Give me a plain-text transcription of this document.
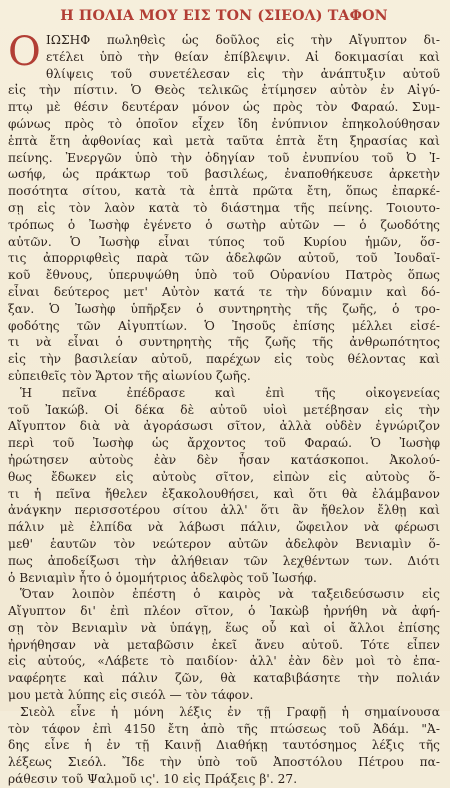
Η ΠΟΛΙΑ ΜΟΥ ΕΙΣ ΤΟΝ (ΣΙΕΟΛ) ΤΑΦΟΝ
Ο ΙΩΣΗΦ πωληθεὶς ὡς δοῦλος εἰς τὴν Αἴγυπτον δι-
ετέλει ὑπὸ τὴν θείαν ἐπίβλεψιν. Αἱ δοκιμασίαι καὶ
θλίψεις τοῦ συνετέλεσαν εἰς τὴν ἀνάπτυξιν αὐτοῦ
εἰς τὴν πίστιν. Ὁ Θεὸς τελικῶς ἐτίμησεν αὐτὸν ἐν Αἰγύ-
πτῳ μὲ θέσιν δευτέραν μόνον ὡς πρὸς τὸν Φαραώ. Συμ-
φώνως πρὸς τὸ ὁποῖον εἶχεν ἴδη ἐνύπνιον ἐπηκολούθησαν
ἑπτὰ ἔτη ἀφθονίας καὶ μετὰ ταῦτα ἑπτὰ ἔτη ξηρασίας καὶ
πείνης. Ἐνεργῶν ὑπὸ τὴν ὁδηγίαν τοῦ ἐνυπνίου τοῦ Ὀ Ἰ-
ωσήφ, ὡς πράκτωρ τοῦ βασιλέως, ἐναποθήκευσε ἀρκετὴν
ποσότητα σίτου, κατὰ τὰ ἑπτὰ πρῶτα ἔτη, ὅπως ἐπαρκέ-
σῃ εἰς τὸν λαὸν κατὰ τὸ διάστημα τῆς πείνης. Τοιουτο-
τρόπως ὁ Ἰωσὴφ ἐγένετο ὁ σωτὴρ αὐτῶν — ὁ ζωοδότης
αὐτῶν. Ὁ Ἰωσὴφ εἶναι τύπος τοῦ Κυρίου ἡμῶν, ὅσ-
τις ἀπορριφθεὶς παρὰ τῶν ἀδελφῶν αὐτοῦ, τοῦ Ἰουδαϊ-
κοῦ ἔθνους, ὑπερυψώθη ὑπὸ τοῦ Οὐρανίου Πατρὸς ὅπως
εἶναι δεύτερος μετ' Αὐτὸν κατά τε τὴν δύναμιν καὶ δό-
ξαν. Ὁ Ἰωσὴφ ὑπῆρξεν ὁ συντηρητὴς τῆς ζωῆς, ὁ τρο-
φοδότης τῶν Αἰγυπτίων. Ὁ Ἰησοῦς ἐπίσης μέλλει εἰσέ-
τι νὰ εἶναι ὁ συντηρητὴς τῆς ζωῆς τῆς ἀνθρωπότητος
εἰς τὴν βασιλείαν αὐτοῦ, παρέχων εἰς τοὺς θέλοντας καὶ
εὐπειθεῖς τὸν Ἄρτον τῆς αἰωνίου ζωῆς.
Ἡ πεῖνα ἐπέδρασε καὶ ἐπὶ τῆς οἰκογενείας
τοῦ Ἰακώβ. Οἱ δέκα δὲ αὐτοῦ υἱοὶ μετέβησαν εἰς τὴν
Αἴγυπτον διὰ νὰ ἀγοράσωσι σῖτον, ἀλλὰ οὐδὲν ἐγνώριζον
περὶ τοῦ Ἰωσὴφ ὡς ἄρχοντος τοῦ Φαραώ. Ὁ Ἰωσὴφ
ἠρώτησεν αὐτοὺς ἐὰν δὲν ἦσαν κατάσκοποι. Ἀκολού-
θως ἔδωκεν εἰς αὐτοὺς σῖτον, εἰπὼν εἰς αὐτοὺς ὅ-
τι ἡ πεῖνα ἤθελεν ἐξακολουθήσει, καὶ ὅτι θὰ ἐλάμβανον
ἀνάγκην περισσοτέρου σίτου ἀλλ' ὅτι ἂν ἤθελον ἔλθῃ καὶ
πάλιν μὲ ἐλπίδα νὰ λάβωσι πάλιν, ὤφειλον νὰ φέρωσι
μεθ' ἑαυτῶν τὸν νεώτερον αὐτῶν ἀδελφὸν Βενιαμὶν ὅ-
πως ἀποδείξωσι τὴν ἀλήθειαν τῶν λεχθέντων των. Διότι
ὁ Βενιαμὶν ἦτο ὁ ὁμομήτριος ἀδελφὸς τοῦ Ἰωσήφ.
Ὅταν λοιπὸν ἐπέστη ὁ καιρὸς νὰ ταξειδεύσωσιν εἰς
Αἴγυπτον δι' ἐπὶ πλέον σῖτον, ὁ Ἰακὼβ ἠρνήθη νὰ ἀφή-
σῃ τὸν Βενιαμὶν νὰ ὑπάγῃ, ἕως οὗ καὶ οἱ ἄλλοι ἐπίσης
ἠρνήθησαν νὰ μεταβῶσιν ἐκεῖ ἄνευ αὐτοῦ. Τότε εἶπεν
εἰς αὐτούς, «Λάβετε τὸ παιδίον· ἀλλ' ἐὰν δὲν μοὶ τὸ ἐπα-
ναφέρητε καὶ πάλιν ζῶν, θὰ καταβιβάσητε τὴν πολιάν
μου μετὰ λύπης εἰς σιεόλ — τὸν τάφον.
Σιεὸλ εἶνε ἡ μόνη λέξις ἐν τῇ Γραφῇ ἡ σημαίνουσα
τὸν τάφον ἐπὶ 4150 ἔτη ἀπὸ τῆς πτώσεως τοῦ Ἀδάμ. "Ἀ-
δης εἶνε ἡ ἐν τῇ Καινῇ Διαθήκῃ ταυτόσημος λέξις τῆς
λέξεως Σιεόλ. Ἴδε τὴν ὑπὸ τοῦ Ἀποστόλου Πέτρου πα-
ράθεσιν τοῦ Ψαλμοῦ ις'. 10 εἰς Πράξεις β'. 27.
